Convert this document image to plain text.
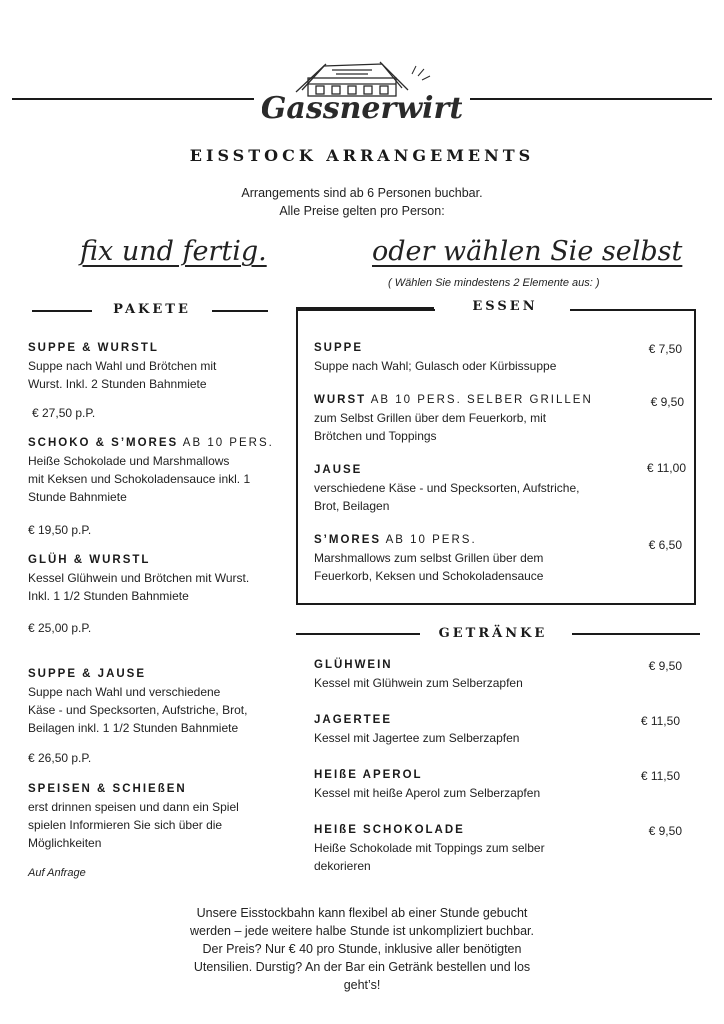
Gassnerwirt
EISSTOCK ARRANGEMENTS
Arrangements sind ab 6 Personen buchbar.
Alle Preise gelten pro Person:
fix und fertig.	oder wählen Sie selbst
( Wählen Sie mindestens 2 Elemente aus: )
PAKETE
SUPPE & WURSTL
Suppe nach Wahl und Brötchen mit
Wurst. Inkl. 2 Stunden Bahnmiete
€ 27,50 p.P.
SCHOKO & S’MORES AB 10 PERS.
Heiße Schokolade und Marshmallows
mit Keksen und Schokoladensauce inkl. 1
Stunde Bahnmiete
€ 19,50 p.P.
GLÜH & WURSTL
Kessel Glühwein und Brötchen mit Wurst.
Inkl. 1 1/2 Stunden Bahnmiete
€ 25,00 p.P.
SUPPE & JAUSE
Suppe nach Wahl und verschiedene
Käse - und Specksorten, Aufstriche, Brot,
Beilagen inkl. 1 1/2 Stunden Bahnmiete
€ 26,50 p.P.
SPEISEN & SCHIEßEN
erst drinnen speisen und dann ein Spiel
spielen Informieren Sie sich über die
Möglichkeiten
Auf Anfrage
ESSEN
SUPPE
Suppe nach Wahl; Gulasch oder Kürbissuppe
€ 7,50
WURST AB 10 PERS. SELBER GRILLEN
zum Selbst Grillen über dem Feuerkorb, mit
Brötchen und Toppings
€ 9,50
JAUSE
verschiedene Käse - und Specksorten, Aufstriche,
Brot, Beilagen
€ 11,00
S’MORES AB 10 PERS.
Marshmallows zum selbst Grillen über dem
Feuerkorb, Keksen und Schokoladensauce
€ 6,50
GETRÄNKE
GLÜHWEIN
Kessel mit Glühwein zum Selberzapfen
€ 9,50
JAGERTEE
Kessel mit Jagertee zum Selberzapfen
€ 11,50
HEIßE APEROL
Kessel mit heiße Aperol zum Selberzapfen
€ 11,50
HEIßE SCHOKOLADE
Heiße Schokolade mit Toppings zum selber
dekorieren
€ 9,50
Unsere Eisstockbahn kann flexibel ab einer Stunde gebucht
werden – jede weitere halbe Stunde ist unkompliziert buchbar.
Der Preis? Nur € 40 pro Stunde, inklusive aller benötigten
Utensilien. Durstig? An der Bar ein Getränk bestellen und los
geht’s!
